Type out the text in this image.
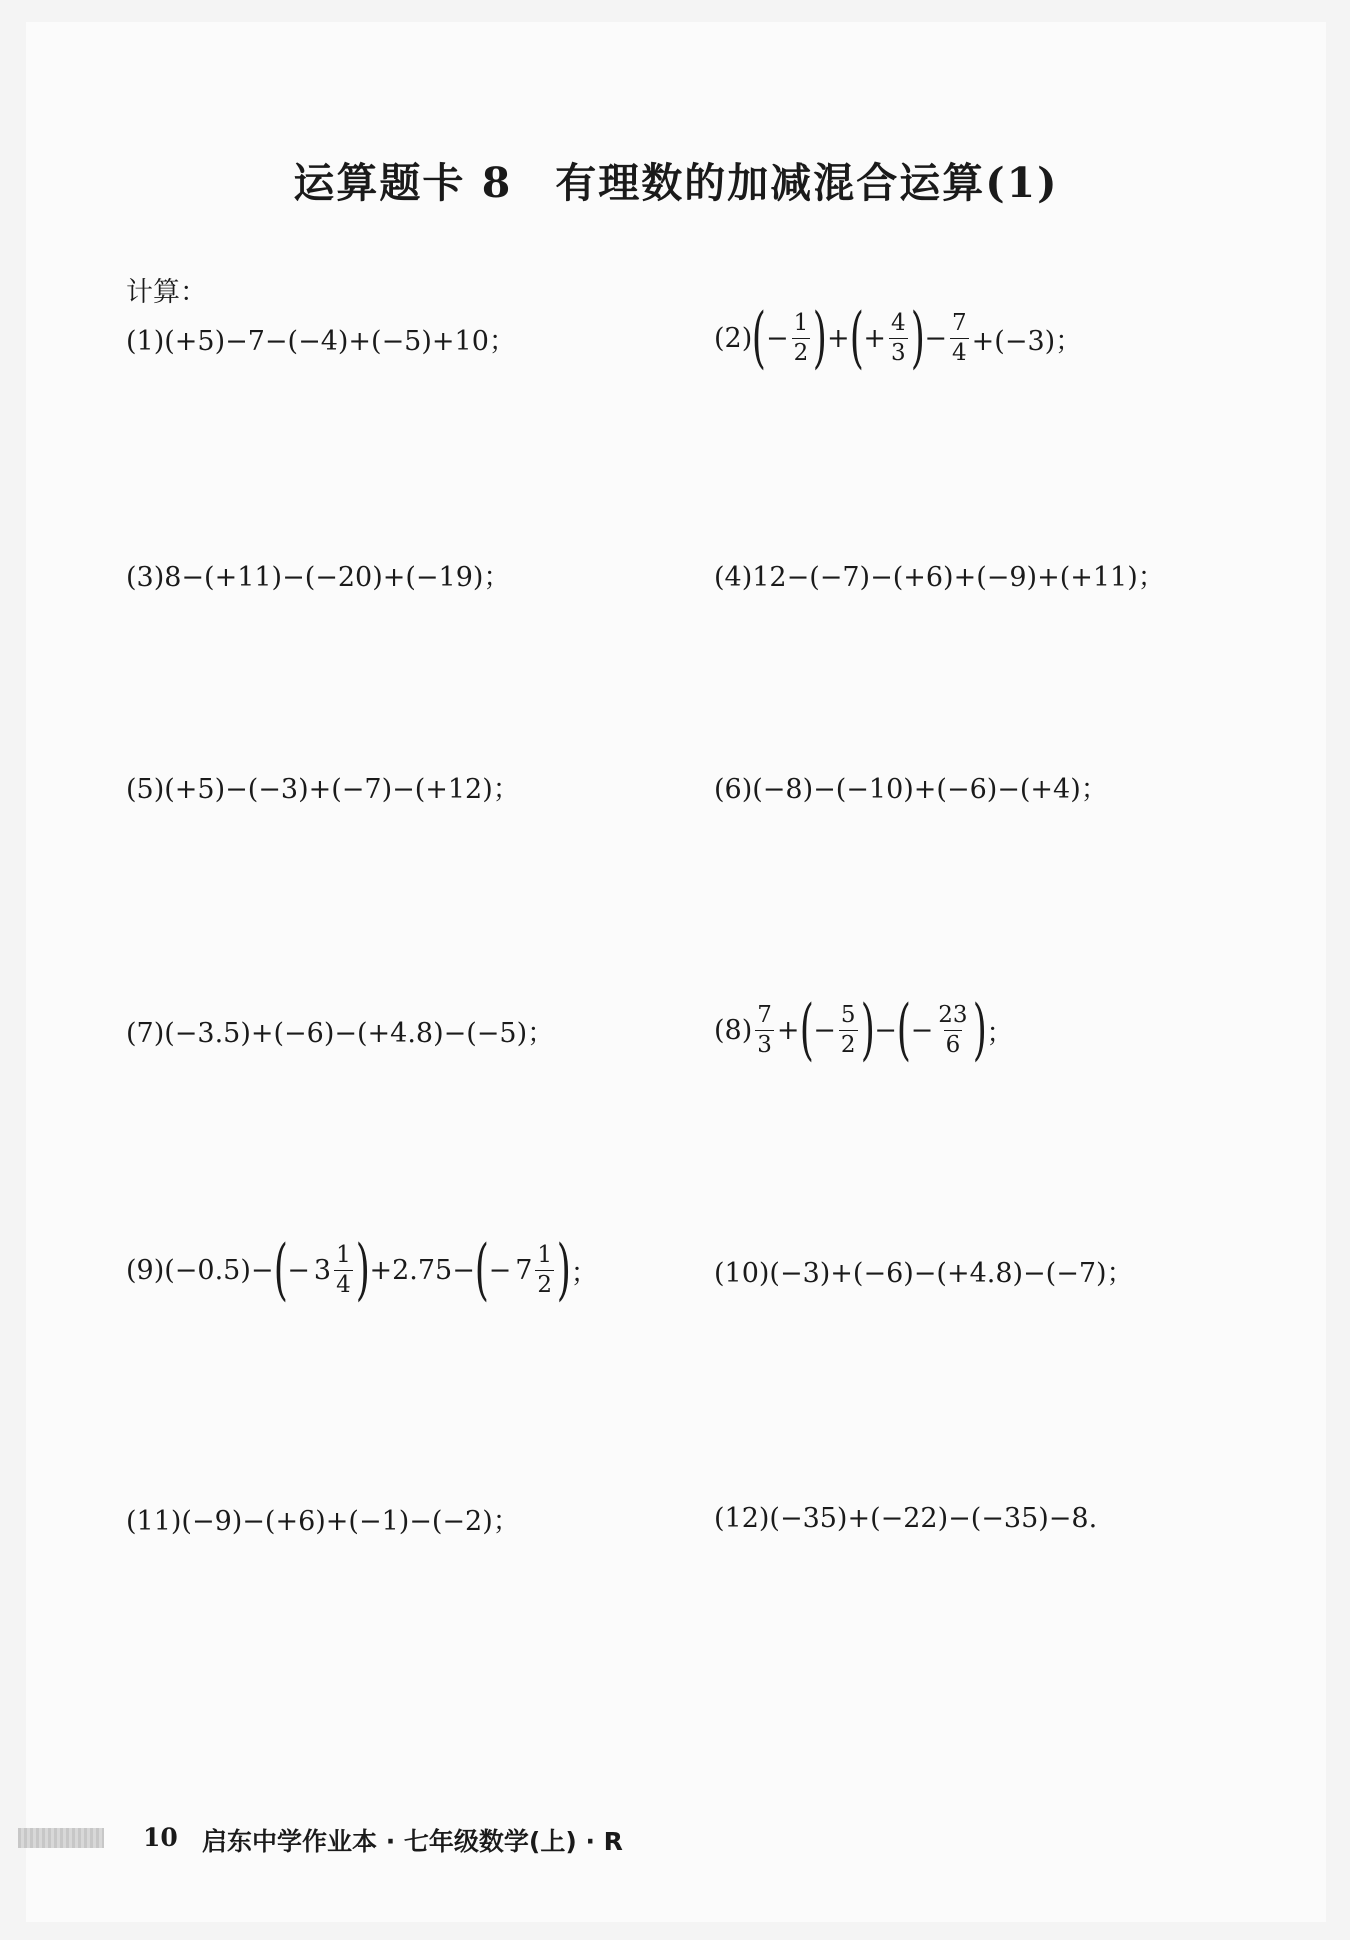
运算题卡 8　有理数的加减混合运算(1)
计算：
(1)(+5)−7−(−4)+(−5)+10；	(2) ( − $\frac{1}{2}$ ) + ( + $\frac{4}{3}$ ) − $\frac{7}{4} +(-3)$；
(3)8−(+11)−(−20)+(−19)；	(4)12−(−7)−(+6)+(−9)+(+11)；
(5)(+5)−(−3)+(−7)−(+12)；	(6)(−8)−(−10)+(−6)−(+4)；
(7)(−3.5)+(−6)−(+4.8)−(−5)；	$(8) \frac{7}{3}$ + ( − $\frac{5}{2}$ ) − ( − $\frac{23}{6}$ ) ；
(9)(−0.5)− ( − $3 \frac{1}{4}$ ) +2.75− ( − $7 \frac{1}{2}$ ) ；	(10)(−3)+(−6)−(+4.8)−(−7)；
(11)(−9)−(+6)+(−1)−(−2)；	(12)(−35)+(−22)−(−35)−8.
10 启东中学作业本 · 七年级数学(上) · R
